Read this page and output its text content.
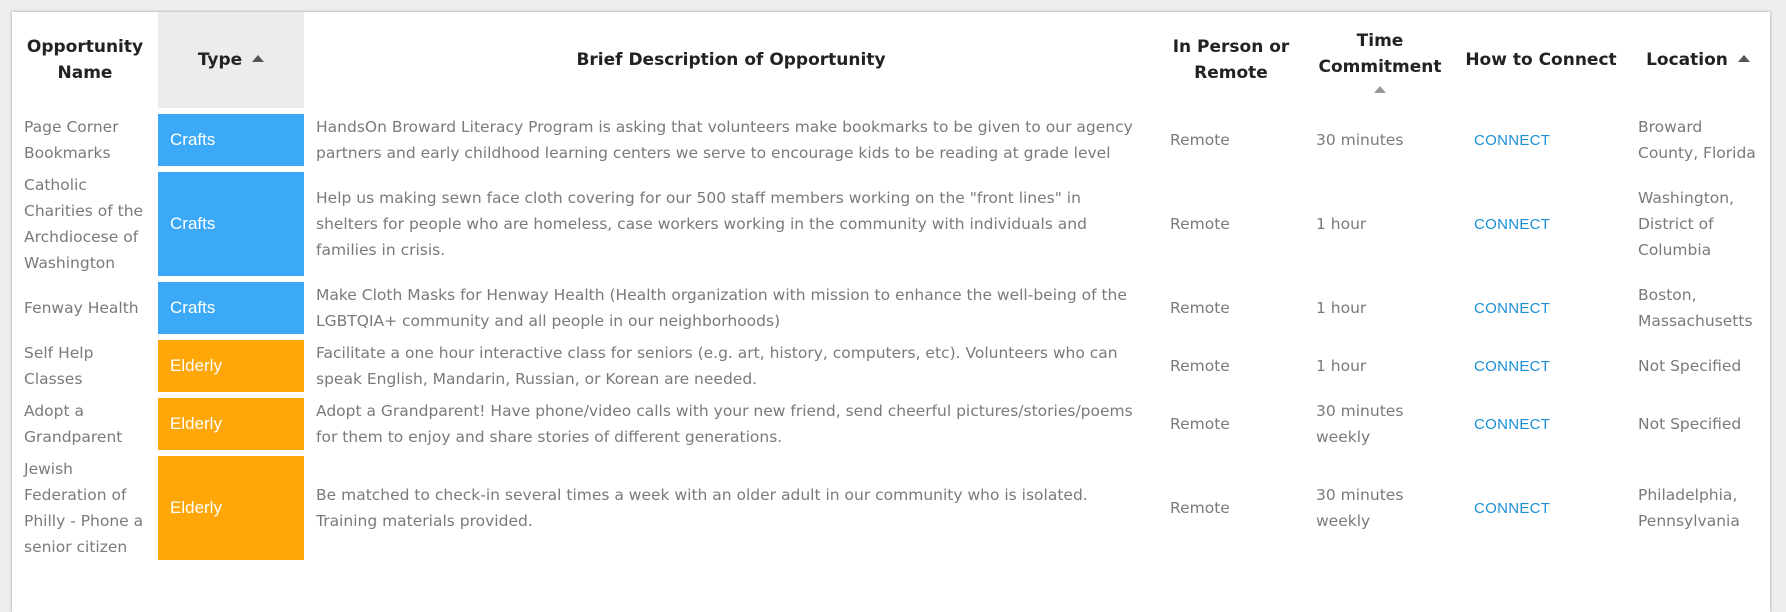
Opportunity Name	Type	Brief Description of Opportunity	In Person or Remote	Time Commitment	How to Connect	Location
Page Corner Bookmarks	Crafts	HandsOn Broward Literacy Program is asking that volunteers make bookmarks to be given to our agency partners and early childhood learning centers we serve to encourage kids to be reading at grade level	Remote	30 minutes	CONNECT	Broward County, Florida
Catholic Charities of the Archdiocese of Washington	Crafts	Help us making sewn face cloth covering for our 500 staff members working on the "front lines" in shelters for people who are homeless, case workers working in the community with individuals and families in crisis.	Remote	1 hour	CONNECT	Washington, District of Columbia
Fenway Health	Crafts	Make Cloth Masks for Henway Health (Health organization with mission to enhance the well-being of the LGBTQIA+ community and all people in our neighborhoods)	Remote	1 hour	CONNECT	Boston, Massachusetts
Self Help Classes	Elderly	Facilitate a one hour interactive class for seniors (e.g. art, history, computers, etc). Volunteers who can speak English, Mandarin, Russian, or Korean are needed.	Remote	1 hour	CONNECT	Not Specified
Adopt a Grandparent	Elderly	Adopt a Grandparent! Have phone/video calls with your new friend, send cheerful pictures/stories/poems for them to enjoy and share stories of different generations.	Remote	30 minutes weekly	CONNECT	Not Specified
Jewish Federation of Philly - Phone a senior citizen	Elderly	Be matched to check-in several times a week with an older adult in our community who is isolated. Training materials provided.	Remote	30 minutes weekly	CONNECT	Philadelphia, Pennsylvania
